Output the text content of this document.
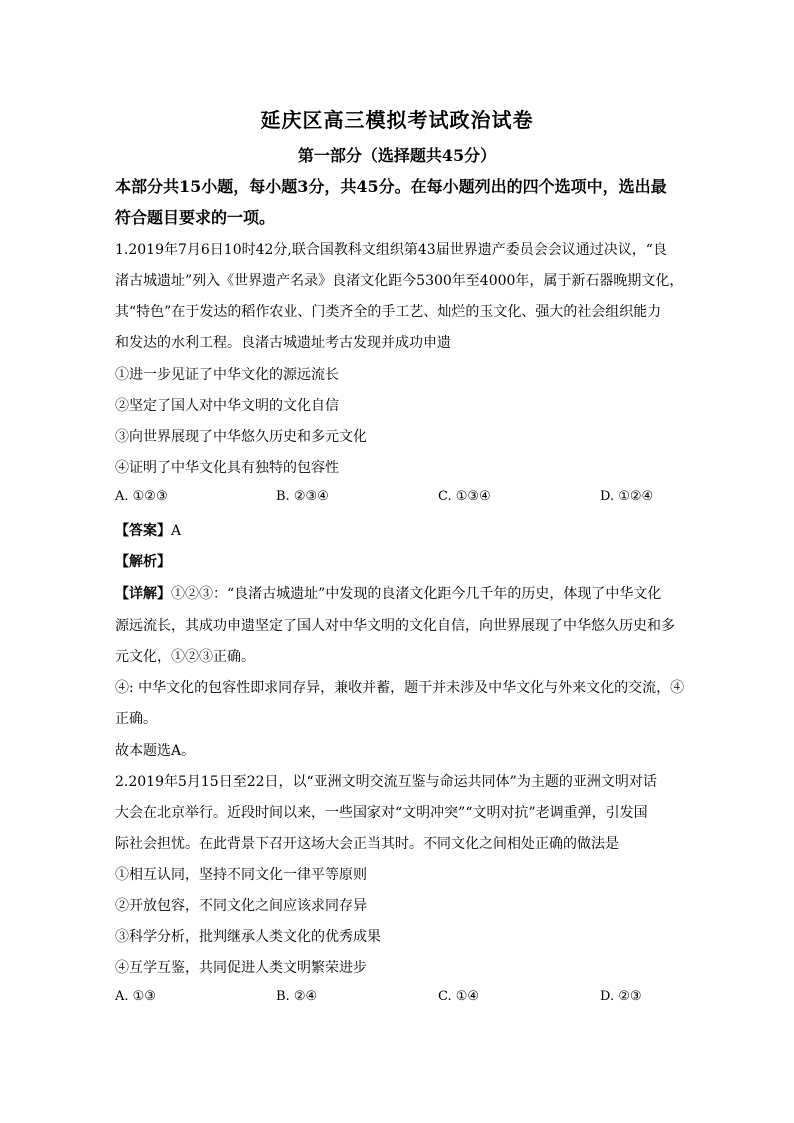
延庆区高三模拟考试政治试卷
第一部分（选择题共45分）
本部分共15小题，每小题3分，共45分。在每小题列出的四个选项中，选出最
符合题目要求的一项。
1.2019年7月6日10时42分,联合国教科文组织第43届世界遗产委员会会议通过决议，“良
渚古城遗址”列入《世界遗产名录》良渚文化距今5300年至4000年，属于新石器晚期文化，
其“特色”在于发达的稻作农业、门类齐全的手工艺、灿烂的玉文化、强大的社会组织能力
和发达的水利工程。良渚古城遗址考古发现并成功申遗
①进一步见证了中华文化的源远流长
②坚定了国人对中华文明的文化自信
③向世界展现了中华悠久历史和多元文化
④证明了中华文化具有独特的包容性
A. ①②③	B. ②③④	C. ①③④	D. ①②④
【答案】A
【解析】
【详解】①②③：“良渚古城遗址”中发现的良渚文化距今几千年的历史，体现了中华文化
源远流长，其成功申遗坚定了国人对中华文明的文化自信，向世界展现了中华悠久历史和多
元文化，①②③正确。
④: 中华文化的包容性即求同存异，兼收并蓄，题干并未涉及中华文化与外来文化的交流，④
正确。
故本题选A。
2.2019年5月15日至22日，以“亚洲文明交流互鉴与命运共同体”为主题的亚洲文明对话
大会在北京举行。近段时间以来，一些国家对“文明冲突”“文明对抗”老调重弹，引发国
际社会担忧。在此背景下召开这场大会正当其时。不同文化之间相处正确的做法是
①相互认同，坚持不同文化一律平等原则
②开放包容，不同文化之间应该求同存异
③科学分析，批判继承人类文化的优秀成果
④互学互鉴，共同促进人类文明繁荣进步
A. ①③	B. ②④	C. ①④	D. ②③
